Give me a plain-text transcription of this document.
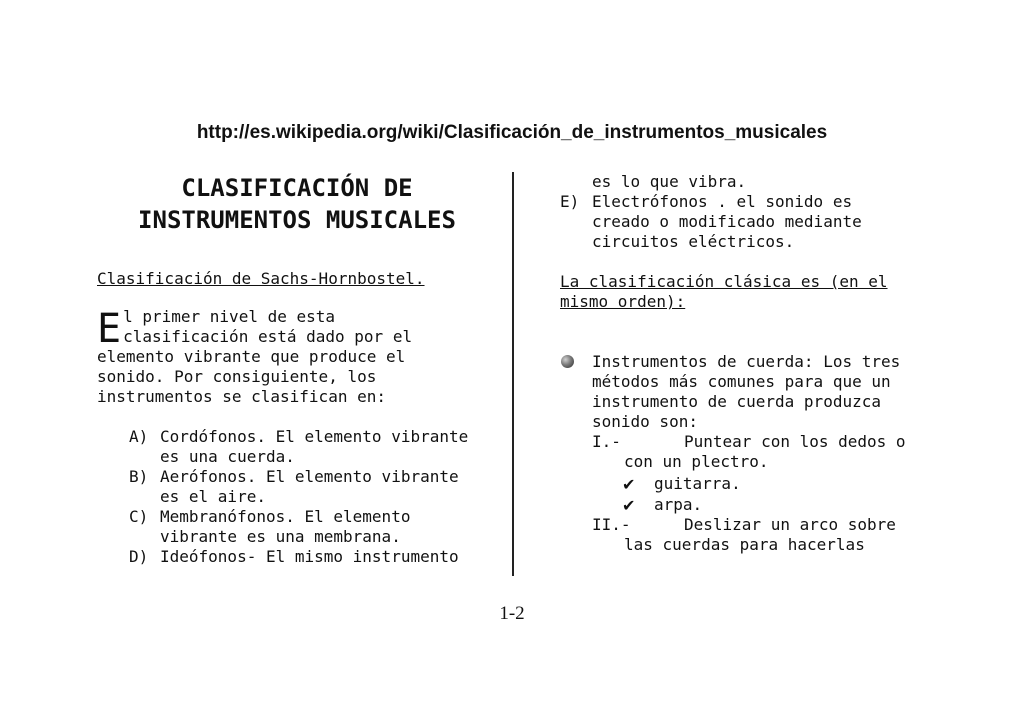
http://es.wikipedia.org/wiki/Clasificación_de_instrumentos_musicales
CLASIFICACIÓN DE
INSTRUMENTOS MUSICALES
Clasificación de Sachs-Hornbostel.
E l primer nivel de esta
clasificación está dado por el
elemento vibrante que produce el
sonido. Por consiguiente, los
instrumentos se clasifican en:
A) Cordófonos. El elemento vibrante
es una cuerda.
B) Aerófonos. El elemento vibrante
es el aire.
C) Membranófonos. El elemento
vibrante es una membrana.
D) Ideófonos- El mismo instrumento
es lo que vibra.
E) Electrófonos . el sonido es
creado o modificado mediante
circuitos eléctricos.
La clasificación clásica es (en el
mismo orden):
Instrumentos de cuerda: Los tres
métodos más comunes para que un
instrumento de cuerda produzca
sonido son:
I.-	Puntear con los dedos o
con un plectro.
✔ guitarra.
✔ arpa.
II.-	Deslizar un arco sobre
las cuerdas para hacerlas
1-2
